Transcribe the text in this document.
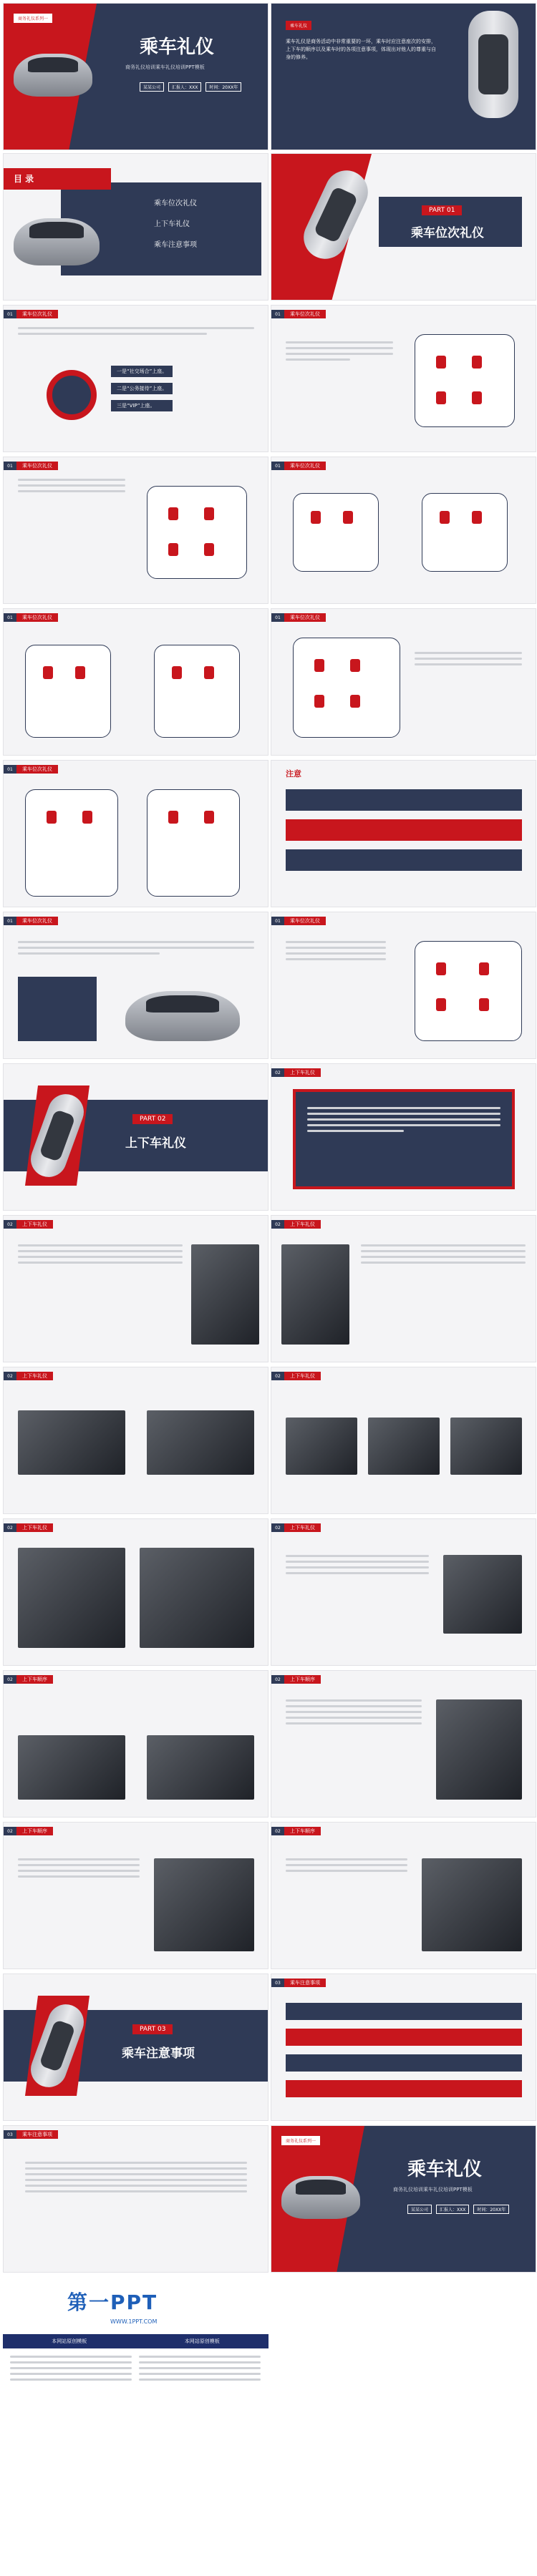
商务礼仪系列一
乘车礼仪
商务礼仪培训乘车礼仪培训PPT模板
某某公司	汇报人：XXX	时间：20XX年
乘车礼仪
乘车礼仪是商务活动中非常重要的一环，乘车时应注意座次的安排，上下车的顺序以及乘车时的各项注意事项，体现出对他人的尊重与自身的修养。
目 录
乘车位次礼仪
上下车礼仪
乘车注意事项
PART 01
乘车位次礼仪
01	乘车位次礼仪
一是“社交场合”上座。
二是“公务接待”上座。
三是“VIP”上座。
01	乘车位次礼仪
01	乘车位次礼仪	01	乘车位次礼仪
01	乘车位次礼仪	01	乘车位次礼仪
01	乘车位次礼仪	注意
01	乘车位次礼仪	01	乘车位次礼仪
PART 02
上下车礼仪
02	上下车礼仪
02	上下车礼仪	02	上下车礼仪
02	上下车礼仪	02	上下车礼仪
02	上下车礼仪	02	上下车礼仪
02	上下车顺序	02	上下车顺序
02	上下车顺序	02	上下车顺序
PART 03
乘车注意事项
03	乘车注意事项
03	乘车注意事项
商务礼仪系列一
乘车礼仪
商务礼仪培训乘车礼仪培训PPT模板
某某公司	汇报人：XXX	时间：20XX年
第一PPT
WWW.1PPT.COM
本网站原创模板	本网站原创模板
